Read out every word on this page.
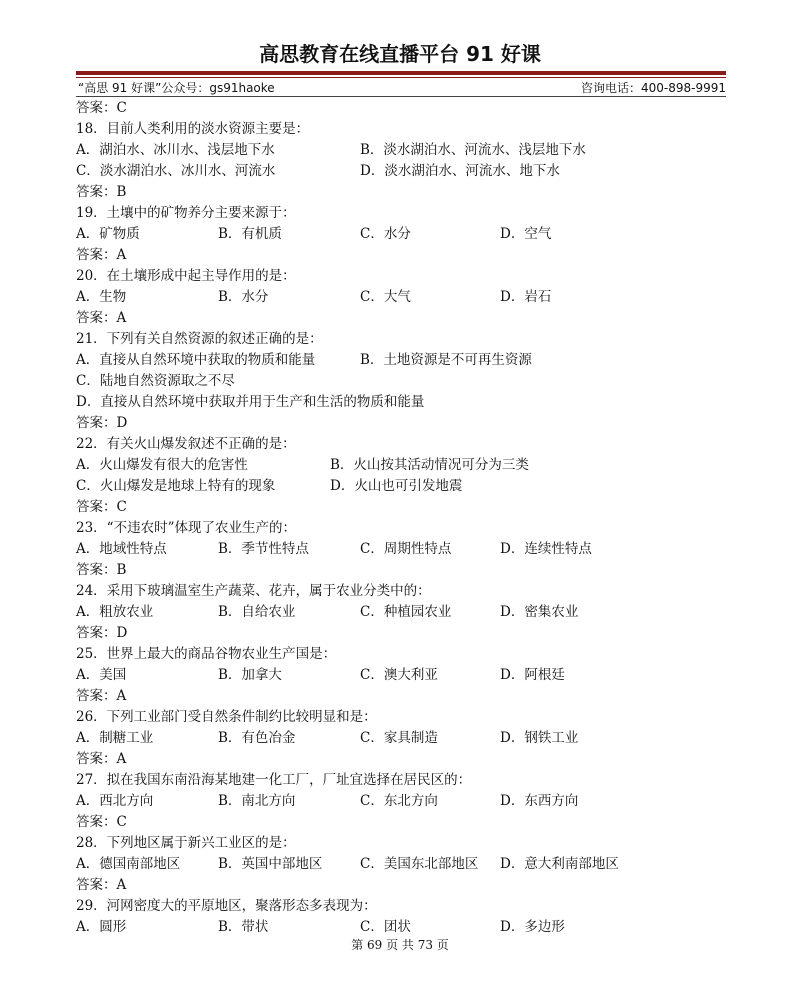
高思教育在线直播平台 91 好课
“高思 91 好课”公众号：gs91haoke	咨询电话：400-898-9991
答案：C
18．目前人类利用的淡水资源主要是：
A．湖泊水、冰川水、浅层地下水	B．淡水湖泊水、河流水、浅层地下水
C．淡水湖泊水、冰川水、河流水	D．淡水湖泊水、河流水、地下水
答案：B
19．土壤中的矿物养分主要来源于：
A．矿物质	B．有机质	C．水分	D．空气
答案：A
20．在土壤形成中起主导作用的是：
A．生物	B．水分	C．大气	D．岩石
答案：A
21．下列有关自然资源的叙述正确的是：
A．直接从自然环境中获取的物质和能量	B．土地资源是不可再生资源
C．陆地自然资源取之不尽
D．直接从自然环境中获取并用于生产和生活的物质和能量
答案：D
22．有关火山爆发叙述不正确的是：
A．火山爆发有很大的危害性	B．火山按其活动情况可分为三类
C．火山爆发是地球上特有的现象	D．火山也可引发地震
答案：C
23．“不违农时”体现了农业生产的：
A．地域性特点	B．季节性特点	C．周期性特点	D．连续性特点
答案：B
24．采用下玻璃温室生产蔬菜、花卉，属于农业分类中的：
A．粗放农业	B．自给农业	C．种植园农业	D．密集农业
答案：D
25．世界上最大的商品谷物农业生产国是：
A．美国	B．加拿大	C．澳大利亚	D．阿根廷
答案：A
26．下列工业部门受自然条件制约比较明显和是：
A．制糖工业	B．有色冶金	C．家具制造	D．钢铁工业
答案：A
27．拟在我国东南沿海某地建一化工厂，厂址宜选择在居民区的：
A．西北方向	B．南北方向	C．东北方向	D．东西方向
答案：C
28．下列地区属于新兴工业区的是：
A．德国南部地区	B．英国中部地区	C．美国东北部地区 D．意大利南部地区
答案：A
29．河网密度大的平原地区，聚落形态多表现为：
A．圆形	B．带状	C．团状	D．多边形
第 69 页 共 73 页
